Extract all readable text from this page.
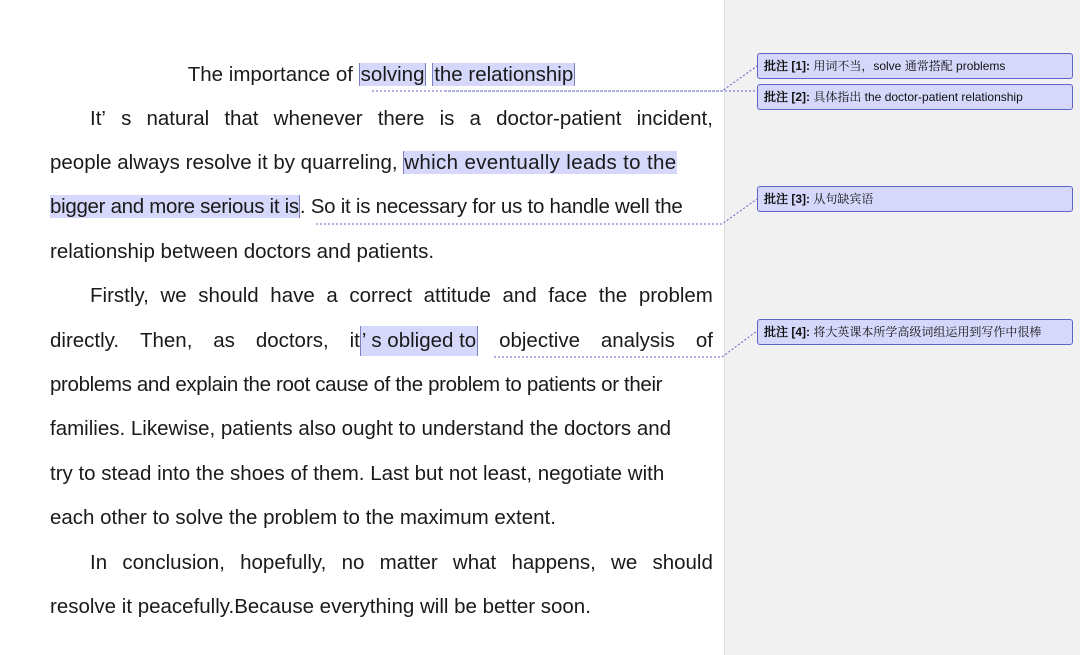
The importance of solving the relationship
It’ s natural that whenever there is a doctor-patient incident,
people always resolve it by quarreling, which eventually leads to the
bigger and more serious it is. So it is necessary for us to handle well the
relationship between doctors and patients.
Firstly, we should have a correct attitude and face the problem
directly. Then, as doctors, it ’ s obliged to objective analysis of
problems and explain the root cause of the problem to patients or their
families. Likewise, patients also ought to understand the doctors and
try to stead into the shoes of them. Last but not least, negotiate with
each other to solve the problem to the maximum extent.
In conclusion, hopefully, no matter what happens, we should
resolve it peacefully.Because everything will be better soon.
批注 [1]: 用词不当，solve 通常搭配 problems
批注 [2]: 具体指出 the doctor-patient relationship
批注 [3]: 从句缺宾语
批注 [4]: 将大英课本所学高级词组运用到写作中很棒
